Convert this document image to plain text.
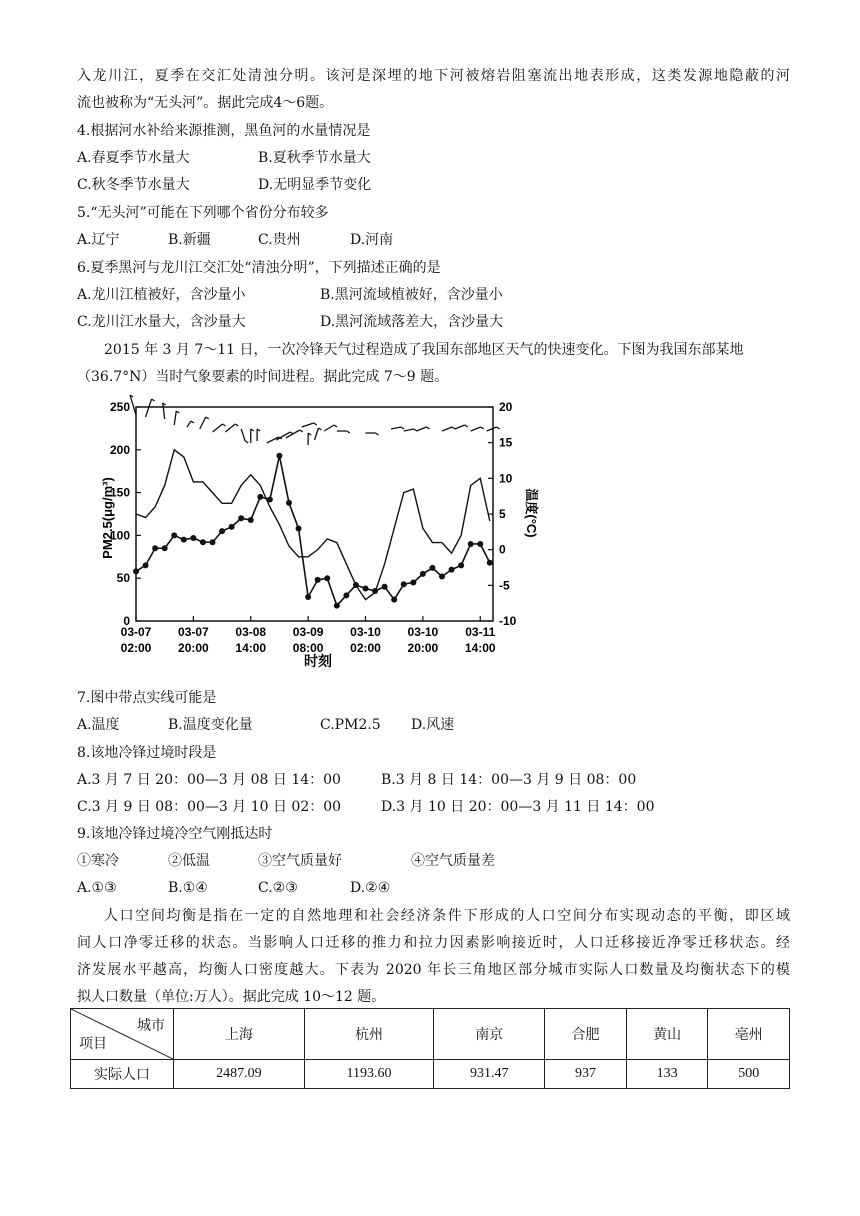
入龙川江，夏季在交汇处清浊分明。该河是深埋的地下河被熔岩阻塞流出地表形成，这类发源地隐蔽的河
流也被称为“无头河”。据此完成4～6题。
4.根据河水补给来源推测，黑鱼河的水量情况是
A.春夏季节水量大	B.夏秋季节水量大
C.秋冬季节水量大	D.无明显季节变化
5.“无头河”可能在下列哪个省份分布较多
A.辽宁	B.新疆	C.贵州	D.河南
6.夏季黑河与龙川江交汇处“清浊分明”，下列描述正确的是
A.龙川江植被好，含沙量小	B.黑河流域植被好，含沙量小
C.龙川江水量大，含沙量大	D.黑河流域落差大，含沙量大
2015 年 3 月 7～11 日，一次冷锋天气过程造成了我国东部地区天气的快速变化。下图为我国东部某地
（36.7°N）当时气象要素的时间进程。据此完成 7～9 题。
0
50
100
150
200
250
-10
-5
0
5
10
15
20
03-07
02:00
03-07
20:00
03-08
14:00
03-09
08:00
03-10
02:00
03-10
20:00
03-11
14:00
PM2.5(μg/m³)	温度(°C)
时刻
7.图中带点实线可能是
A.温度	B.温度变化量	C.PM2.5 D.风速
8.该地冷锋过境时段是
A.3 月 7 日 20：00—3 月 08 日 14：00	B.3 月 8 日 14：00—3 月 9 日 08：00
C.3 月 9 日 08：00—3 月 10 日 02：00	D.3 月 10 日 20：00—3 月 11 日 14：00
9.该地冷锋过境冷空气刚抵达时
①寒冷	②低温	③空气质量好	④空气质量差
A.①③	B.①④	C.②③	D.②④
人口空间均衡是指在一定的自然地理和社会经济条件下形成的人口空间分布实现动态的平衡，即区域
间人口净零迁移的状态。当影响人口迁移的推力和拉力因素影响接近时，人口迁移接近净零迁移状态。经
济发展水平越高，均衡人口密度越大。下表为 2020 年长三角地区部分城市实际人口数量及均衡状态下的模
拟人口数量（单位:万人）。据此完成 10～12 题。
城市
项目	上海	杭州	南京	合肥	黄山	亳州
实际人口	2487.09	1193.60	931.47	937	133	500
